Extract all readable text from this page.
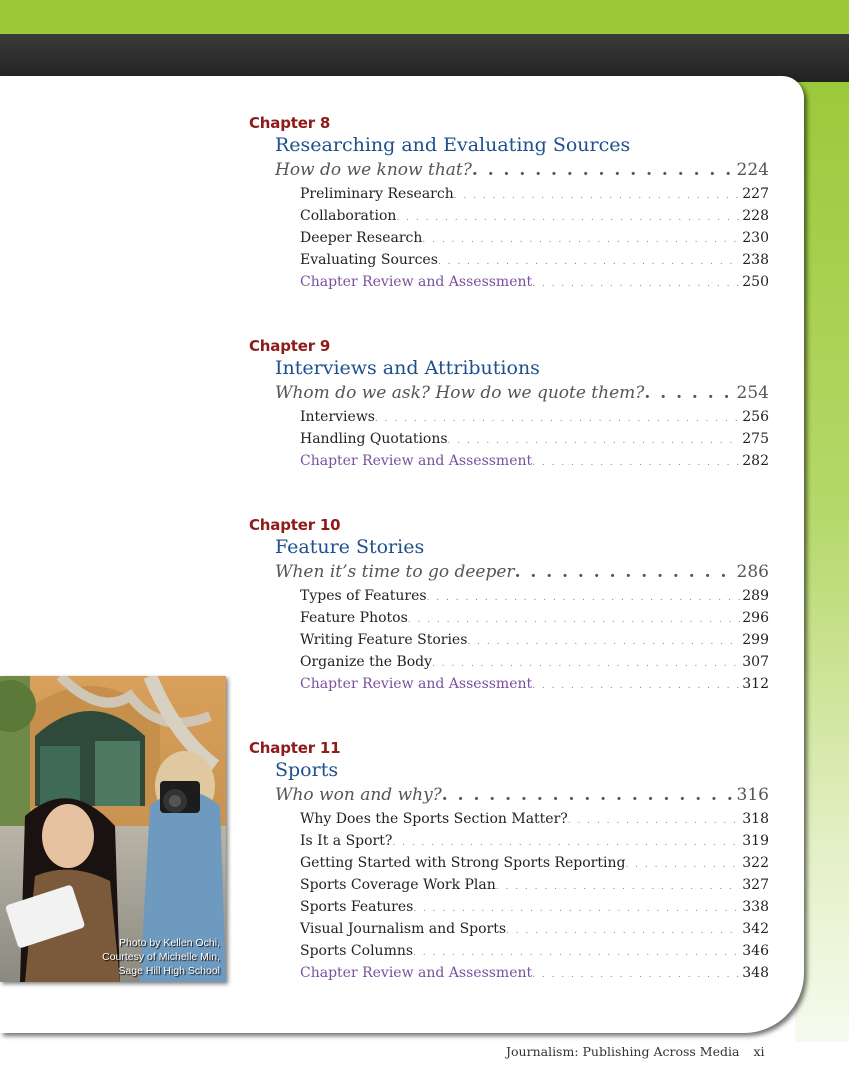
Chapter 8
Researching and Evaluating Sources
How do we know that? . . .	224
Preliminary Research . . .	227
Collaboration . . .	228
Deeper Research . . .	230
Evaluating Sources . . .	238
Chapter Review and Assessment . . .	250
Chapter 9
Interviews and Attributions
Whom do we ask? How do we quote them? . . .	254
Interviews . . .	256
Handling Quotations . . .	275
Chapter Review and Assessment . . .	282
Chapter 10
Feature Stories
When it’s time to go deeper . . .	286
Types of Features . . .	289
Feature Photos . . .	296
Writing Feature Stories . . .	299
Organize the Body . . .	307
Chapter Review and Assessment . . .	312
Chapter 11
Sports
Who won and why? . . .	316
Why Does the Sports Section Matter? . . .	318
Is It a Sport? . . .	319
Getting Started with Strong Sports Reporting . . .	322
Sports Coverage Work Plan . . .	327
Sports Features . . .	338
Visual Journalism and Sports . . .	342
Sports Columns . . .	346
Chapter Review and Assessment . . .	348
Photo by Kellen Ochi,
Courtesy of Michelle Min,
Sage Hill High School
Journalism: Publishing Across Media xi
